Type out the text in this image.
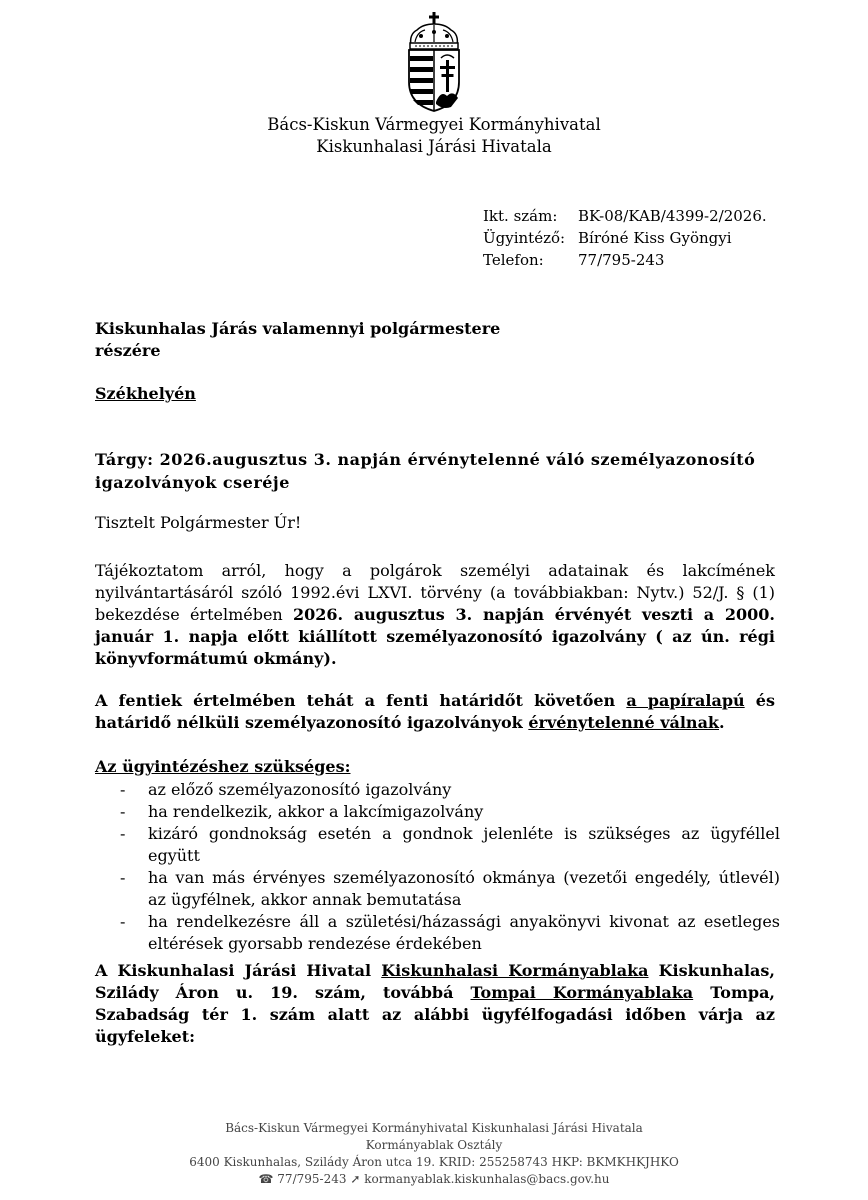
Bács-Kiskun Vármegyei Kormányhivatal
Kiskunhalasi Járási Hivatala
Ikt. szám:	BK-08/KAB/4399-2/2026.
Ügyintéző: Bíróné Kiss Gyöngyi
Telefon:	77/795-243
Kiskunhalas Járás valamennyi polgármestere
részére
Székhelyén
Tárgy: 2026.augusztus 3. napján érvénytelenné váló személyazonosító
igazolványok cseréje
Tisztelt Polgármester Úr!
Tájékoztatom arról, hogy a polgárok személyi adatainak és lakcímének nyilvántartásáról szóló 1992.évi LXVI. törvény (a továbbiakban: Nytv.) 52/J. § (1) bekezdése értelmében 2026. augusztus 3. napján érvényét veszti a 2000. január 1. napja előtt kiállított személyazonosító igazolvány ( az ún. régi könyvformátumú okmány).
A fentiek értelmében tehát a fenti határidőt követően a papíralapú és határidő nélküli személyazonosító igazolványok érvénytelenné válnak.
Az ügyintézéshez szükséges:
- az előző személyazonosító igazolvány
- ha rendelkezik, akkor a lakcímigazolvány
- kizáró gondnokság esetén a gondnok jelenléte is szükséges az ügyféllel együtt
- ha van más érvényes személyazonosító okmánya (vezetői engedély, útlevél) az ügyfélnek, akkor annak bemutatása
- ha rendelkezésre áll a születési/házassági anyakönyvi kivonat az esetleges eltérések gyorsabb rendezése érdekében
A Kiskunhalasi Járási Hivatal Kiskunhalasi Kormányablaka Kiskunhalas, Szilády Áron u. 19. szám, továbbá Tompai Kormányablaka Tompa, Szabadság tér 1. szám alatt az alábbi ügyfélfogadási időben várja az ügyfeleket:
Bács-Kiskun Vármegyei Kormányhivatal Kiskunhalasi Járási Hivatala
Kormányablak Osztály
6400 Kiskunhalas, Szilády Áron utca 19. KRID: 255258743 HKP: BKMKHKJHKO
☎ 77/795-243 ➚ kormanyablak.kiskunhalas@bacs.gov.hu
